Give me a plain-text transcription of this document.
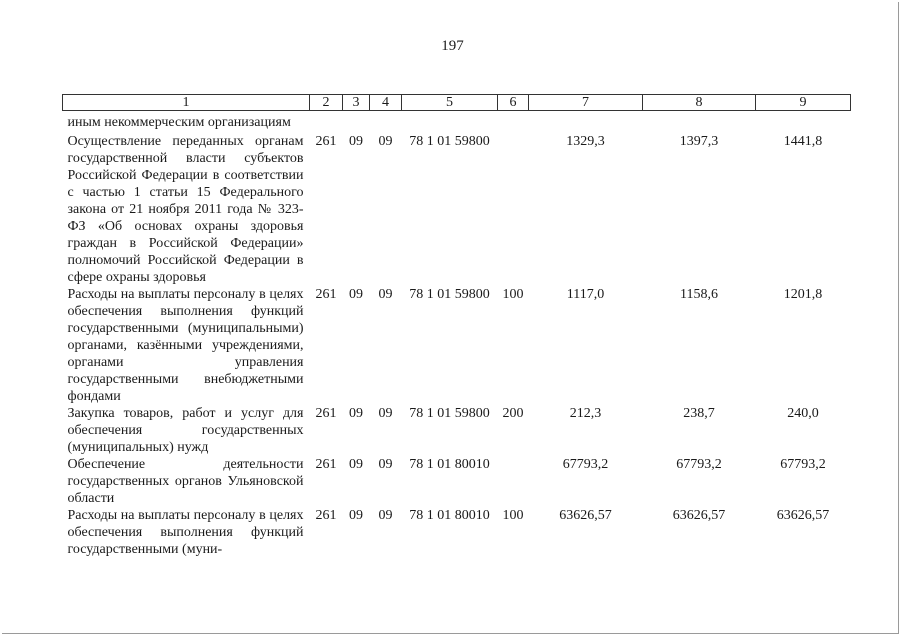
197
1	2	3	4	5	6	7	8	9
иным некоммерческим организациям								
Осуществление переданных органам государственной власти субъектов Российской Федерации в соответствии с частью 1 статьи 15 Федерального закона от 21 ноября 2011 года № 323-ФЗ «Об основах охраны здоровья граждан в Российской Федерации» полномочий Российской Федерации в сфере охраны здоровья	261	09	09	78 1 01 59800		1329,3	1397,3	1441,8
Расходы на выплаты персоналу в целях обеспечения выполнения функций государственными (муниципальными) органами, казёнными учреждениями, органами управления государственными внебюджетными фондами	261	09	09	78 1 01 59800	100	1117,0	1158,6	1201,8
Закупка товаров, работ и услуг для обеспечения государственных (муниципальных) нужд	261	09	09	78 1 01 59800	200	212,3	238,7	240,0
Обеспечение деятельности государственных органов Ульяновской области	261	09	09	78 1 01 80010		67793,2	67793,2	67793,2
Расходы на выплаты персоналу в целях обеспечения выполнения функций государственными (муни-	261	09	09	78 1 01 80010	100	63626,57	63626,57	63626,57
